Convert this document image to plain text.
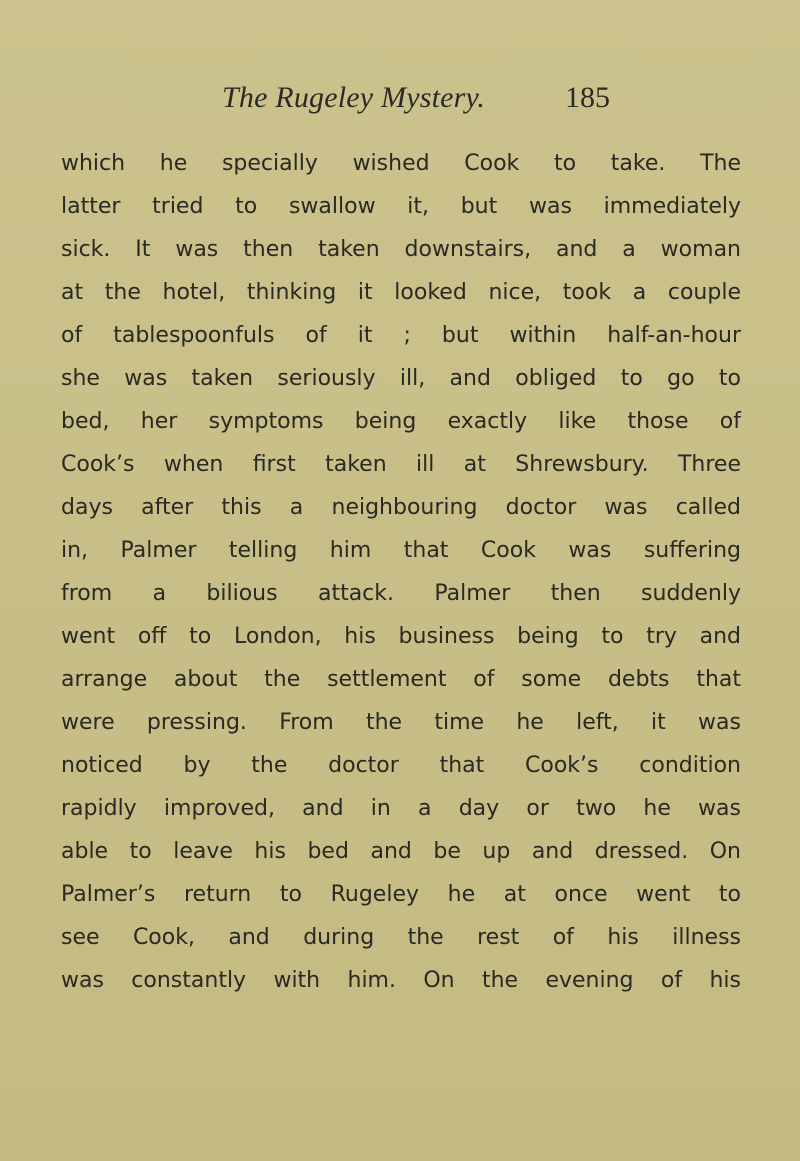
The Rugeley Mystery.	185
which he specially wished Cook to take. The
latter tried to swallow it, but was immediately
sick. It was then taken downstairs, and a woman
at the hotel, thinking it looked nice, took a couple
of tablespoonfuls of it ; but within half-an-hour
she was taken seriously ill, and obliged to go to
bed, her symptoms being exactly like those of
Cook’s when first taken ill at Shrewsbury. Three
days after this a neighbouring doctor was called
in, Palmer telling him that Cook was suffering
from a bilious attack. Palmer then suddenly
went off to London, his business being to try and
arrange about the settlement of some debts that
were pressing. From the time he left, it was
noticed by the doctor that Cook’s condition
rapidly improved, and in a day or two he was
able to leave his bed and be up and dressed. On
Palmer’s return to Rugeley he at once went to
see Cook, and during the rest of his illness
was constantly with him. On the evening of his
